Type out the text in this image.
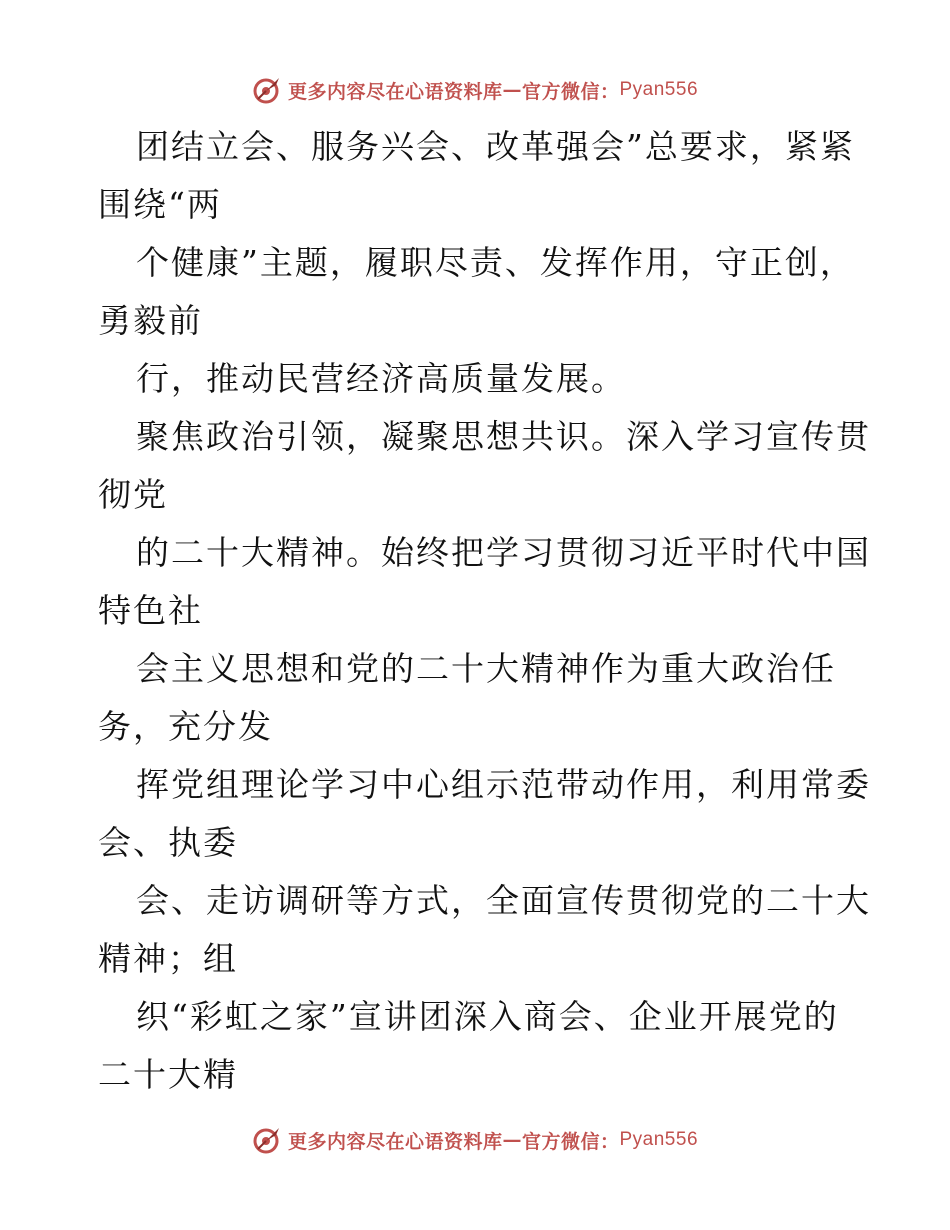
更多内容尽在心语资料库 — 官方微信： Pyan556
团结立会、服务兴会、改革强会”总要求，紧紧
围绕“两
个健康”主题，履职尽责、发挥作用，守正创，
勇毅前
行，推动民营经济高质量发展。
聚焦政治引领，凝聚思想共识。深入学习宣传贯
彻党
的二十大精神。始终把学习贯彻习近平时代中国
特色社
会主义思想和党的二十大精神作为重大政治任
务，充分发
挥党组理论学习中心组示范带动作用，利用常委
会、执委
会、走访调研等方式，全面宣传贯彻党的二十大
精神；组
织“彩虹之家”宣讲团深入商会、企业开展党的
二十大精
更多内容尽在心语资料库 — 官方微信： Pyan556
